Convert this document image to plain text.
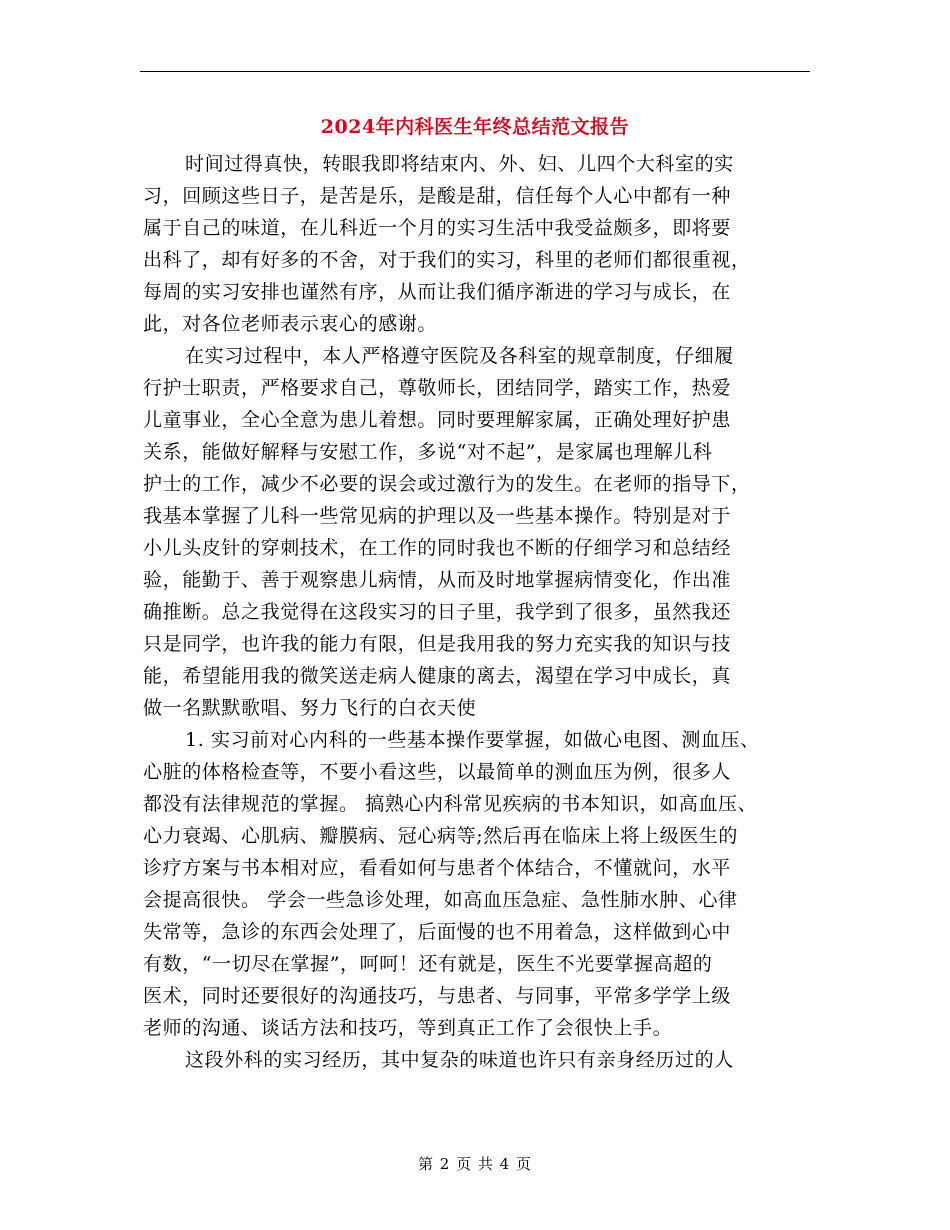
2024年内科医生年终总结范文报告
时间过得真快，转眼我即将结束内、外、妇、儿四个大科室的实
习，回顾这些日子，是苦是乐，是酸是甜，信任每个人心中都有一种
属于自己的味道，在儿科近一个月的实习生活中我受益颇多，即将要
出科了，却有好多的不舍，对于我们的实习，科里的老师们都很重视，
每周的实习安排也谨然有序，从而让我们循序渐进的学习与成长，在
此，对各位老师表示衷心的感谢。
在实习过程中，本人严格遵守医院及各科室的规章制度，仔细履
行护士职责，严格要求自己，尊敬师长，团结同学，踏实工作，热爱
儿童事业，全心全意为患儿着想。同时要理解家属，正确处理好护患
关系，能做好解释与安慰工作，多说“对不起”，是家属也理解儿科
护士的工作，减少不必要的误会或过激行为的发生。在老师的指导下，
我基本掌握了儿科一些常见病的护理以及一些基本操作。特别是对于
小儿头皮针的穿刺技术，在工作的同时我也不断的仔细学习和总结经
验，能勤于、善于观察患儿病情，从而及时地掌握病情变化，作出准
确推断。总之我觉得在这段实习的日子里，我学到了很多，虽然我还
只是同学，也许我的能力有限，但是我用我的努力充实我的知识与技
能，希望能用我的微笑送走病人健康的离去，渴望在学习中成长，真
做一名默默歌唱、努力飞行的白衣天使
1. 实习前对心内科的一些基本操作要掌握，如做心电图、测血压、
心脏的体格检查等，不要小看这些，以最简单的测血压为例，很多人
都没有法律规范的掌握。 搞熟心内科常见疾病的书本知识，如高血压、
心力衰竭、心肌病、瓣膜病、冠心病等;然后再在临床上将上级医生的
诊疗方案与书本相对应，看看如何与患者个体结合，不懂就问，水平
会提高很快。 学会一些急诊处理，如高血压急症、急性肺水肿、心律
失常等，急诊的东西会处理了，后面慢的也不用着急，这样做到心中
有数，“一切尽在掌握”，呵呵！还有就是，医生不光要掌握高超的
医术，同时还要很好的沟通技巧，与患者、与同事，平常多学学上级
老师的沟通、谈话方法和技巧，等到真正工作了会很快上手。
这段外科的实习经历，其中复杂的味道也许只有亲身经历过的人
第 2 页 共 4 页
